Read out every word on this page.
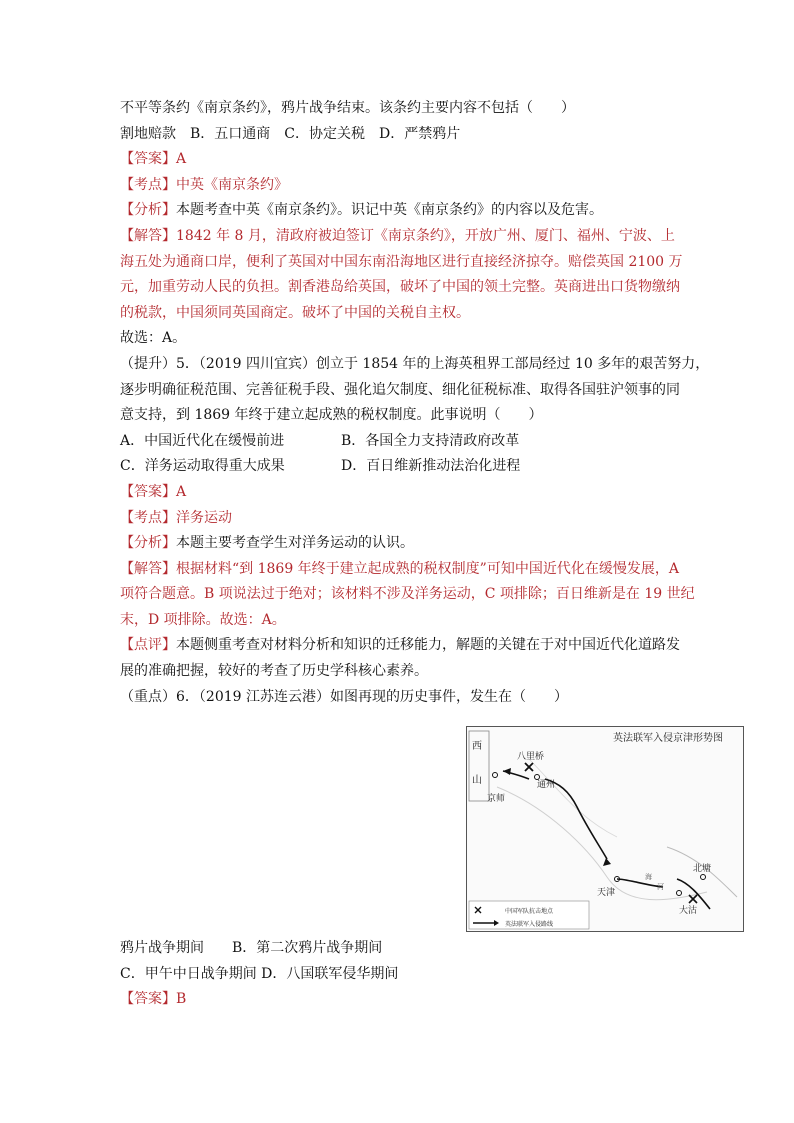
不平等条约《南京条约》，鸦片战争结束。该条约主要内容不包括（　　）
割地赔款　B．五口通商　C．协定关税　D．严禁鸦片
【答案】A
【考点】中英《南京条约》
【分析】本题考查中英《南京条约》。识记中英《南京条约》的内容以及危害。
【解答】1842 年 8 月，清政府被迫签订《南京条约》，开放广州、厦门、福州、宁波、上
海五处为通商口岸，便利了英国对中国东南沿海地区进行直接经济掠夺。赔偿英国 2100 万
元，加重劳动人民的负担。割香港岛给英国，破坏了中国的领土完整。英商进出口货物缴纳
的税款，中国须同英国商定。破坏了中国的关税自主权。
故选：A。
（提升）5．（2019 四川宜宾）创立于 1854 年的上海英租界工部局经过 10 多年的艰苦努力，
逐步明确征税范围、完善征税手段、强化追欠制度、细化征税标准、取得各国驻沪领事的同
意支持，到 1869 年终于建立起成熟的税权制度。此事说明（　　）
A．中国近代化在缓慢前进	B．各国全力支持清政府改革
C．洋务运动取得重大成果	D．百日维新推动法治化进程
【答案】A
【考点】洋务运动
【分析】本题主要考查学生对洋务运动的认识。
【解答】根据材料“到 1869 年终于建立起成熟的税权制度”可知中国近代化在缓慢发展，A
项符合题意。B 项说法过于绝对；该材料不涉及洋务运动，C 项排除；百日维新是在 19 世纪
末，D 项排除。故选：A。
【点评】本题侧重考查对材料分析和知识的迁移能力，解题的关键在于对中国近代化道路发
展的准确把握，较好的考查了历史学科核心素养。
（重点）6．（2019 江苏连云港）如图再现的历史事件，发生在（　　）
英法联军入侵京津形势图
西
山
八里桥
通州
京师
天津
海
河
北塘
大沽
中国军队抗击地点
英法联军入侵路线
鸦片战争期间　　B．第二次鸦片战争期间
C．甲午中日战争期间 D．八国联军侵华期间
【答案】B
